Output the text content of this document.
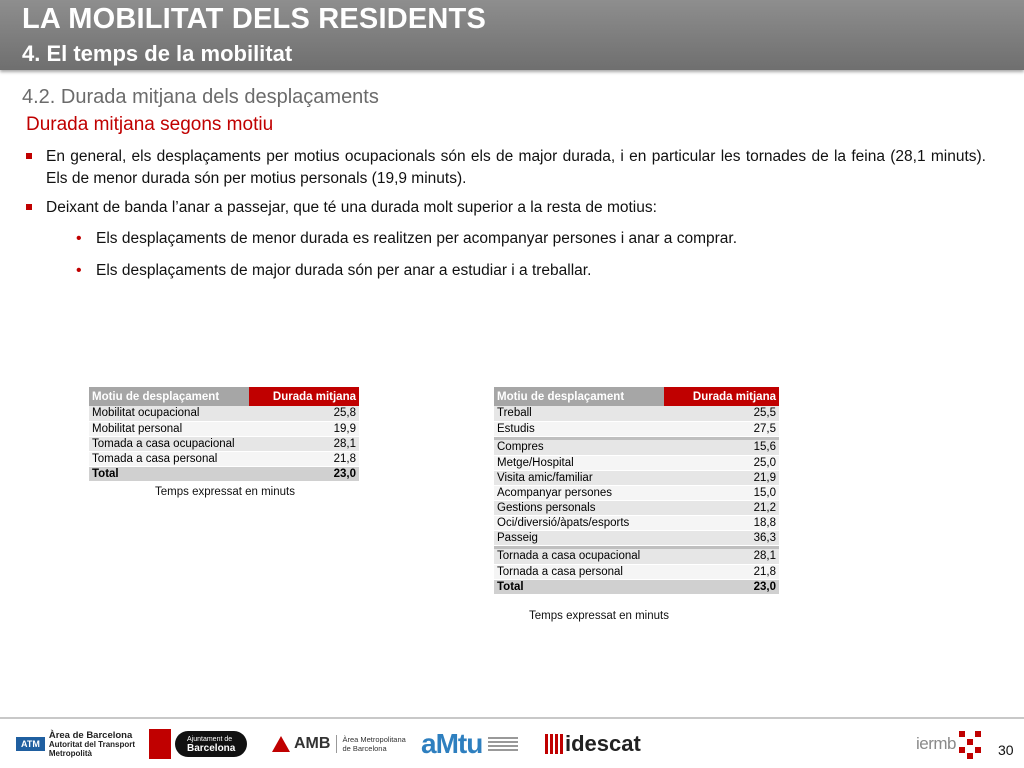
LA MOBILITAT DELS RESIDENTS
4. El temps de la mobilitat
4.2. Durada mitjana dels desplaçaments
Durada mitjana segons motiu
En general, els desplaçaments per motius ocupacionals són els de major durada, i en particular les tornades de la feina (28,1 minuts). Els de menor durada són per motius personals (19,9 minuts).
Deixant de banda l’anar a passejar, que té una durada molt superior a la resta de motius:
• Els desplaçaments de menor durada es realitzen per acompanyar persones i anar a comprar.
• Els desplaçaments de major durada són per anar a estudiar i a treballar.
Motiu de desplaçament	Durada mitjana
Mobilitat ocupacional	25,8
Mobilitat personal	19,9
Tomada a casa ocupacional	28,1
Tomada a casa personal	21,8
Total	23,0
Temps expressat en minuts
Motiu de desplaçament	Durada mitjana
Treball	25,5
Estudis	27,5

Compres	15,6
Metge/Hospital	25,0
Visita amic/familiar	21,9
Acompanyar persones	15,0
Gestions personals	21,2
Oci/diversió/àpats/esports	18,8
Passeig	36,3

Tornada a casa ocupacional	28,1
Tornada a casa personal	21,8
Total	23,0
Temps expressat en minuts
ATM
Àrea de Barcelona
Autoritat del Transport
Metropolità
Ajuntament de
Barcelona	AMB Àrea Metropolitana
de Barcelona	aMtu	idescat	iermb	30
